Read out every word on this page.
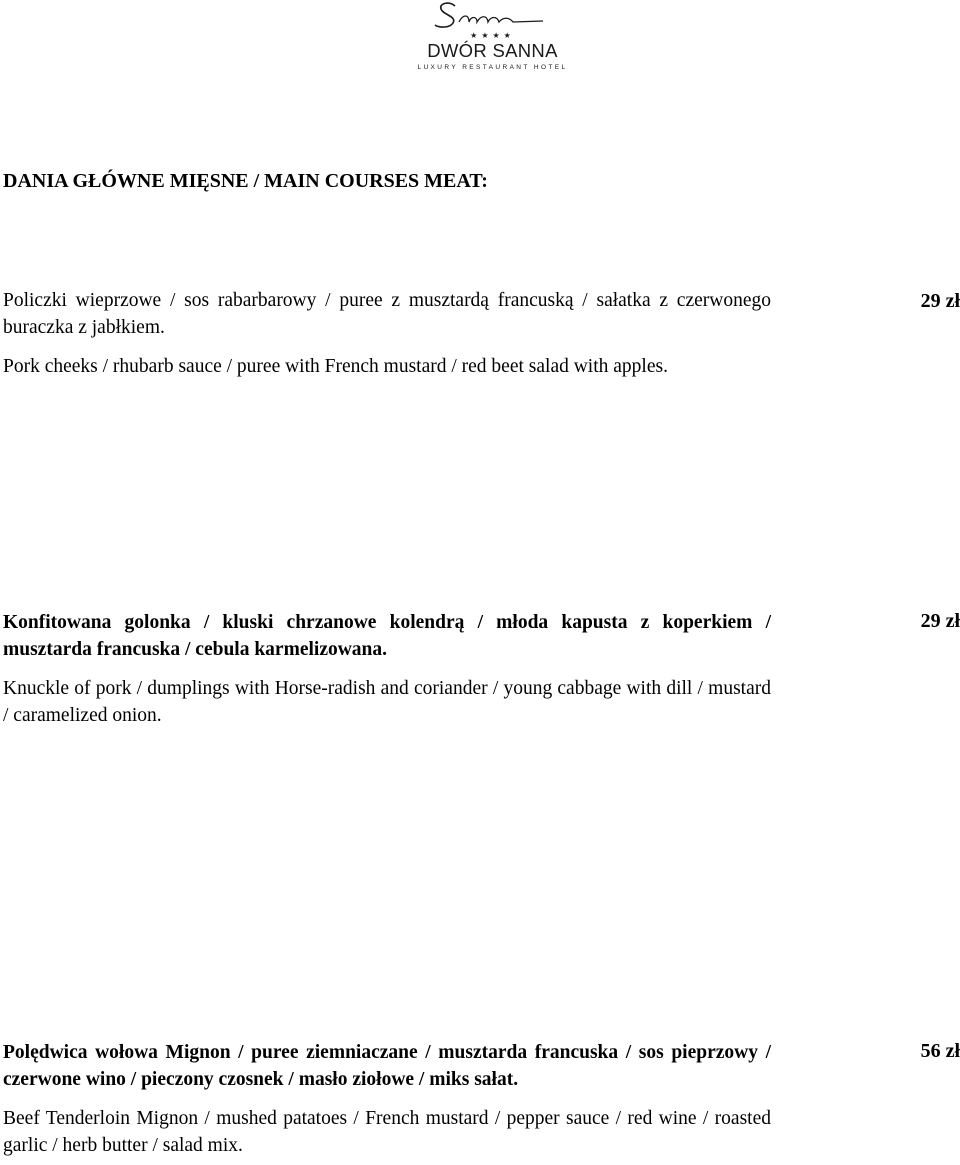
★★★★
DWÓR SANNA
LUXURY RESTAURANT HOTEL
DANIA GŁÓWNE MIĘSNE / MAIN COURSES MEAT:
Policzki wieprzowe / sos rabarbarowy / puree z musztardą francuską / sałatka z czerwonego buraczka z jabłkiem.
Pork cheeks / rhubarb sauce / puree with French mustard / red beet salad with apples.
29 zł
Konfitowana golonka / kluski chrzanowe kolendrą / młoda kapusta z koperkiem / musztarda francuska / cebula karmelizowana.
Knuckle of pork / dumplings with Horse-radish and coriander / young cabbage with dill / mustard / caramelized onion.
29 zł
Polędwica wołowa Mignon / puree ziemniaczane / musztarda francuska / sos pieprzowy / czerwone wino / pieczony czosnek / masło ziołowe / miks sałat.
Beef Tenderloin Mignon / mushed patatoes / French mustard / pepper sauce / red wine / roasted garlic / herb butter / salad mix.
56 zł
